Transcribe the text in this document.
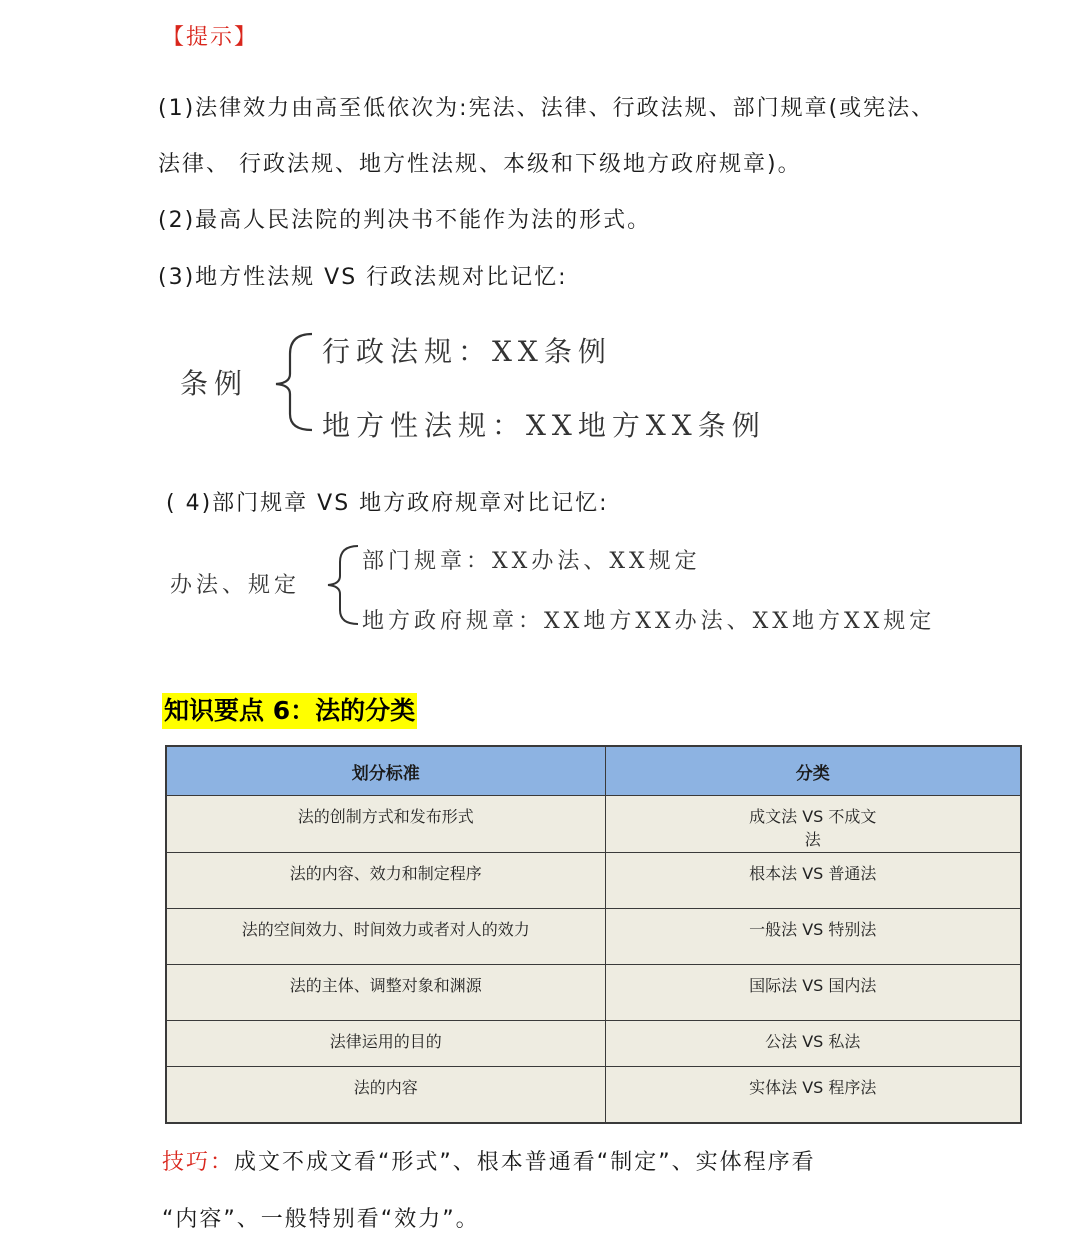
【提示】
(1)法律效力由高至低依次为:宪法、法律、行政法规、部门规章(或宪法、
法律、 行政法规、地方性法规、本级和下级地方政府规章)。
(2)最高人民法院的判决书不能作为法的形式。
(3)地方性法规 VS 行政法规对比记忆:
条例
行政法规：XX条例
地方性法规：XX地方XX条例
( 4)部门规章 VS 地方政府规章对比记忆:
办法、规定
部门规章：XX办法、XX规定
地方政府规章：XX地方XX办法、XX地方XX规定
知识要点 6：法的分类
划分标准	分类
法的创制方式和发布形式	成文法 VS 不成文法
法的内容、效力和制定程序	根本法 VS 普通法
法的空间效力、时间效力或者对人的效力	一般法 VS 特别法
法的主体、调整对象和渊源	国际法 VS 国内法
法律运用的目的	公法 VS 私法
法的内容	实体法 VS 程序法
技巧：成文不成文看“形式”、根本普通看“制定”、实体程序看
“内容”、一般特别看“效力”。
